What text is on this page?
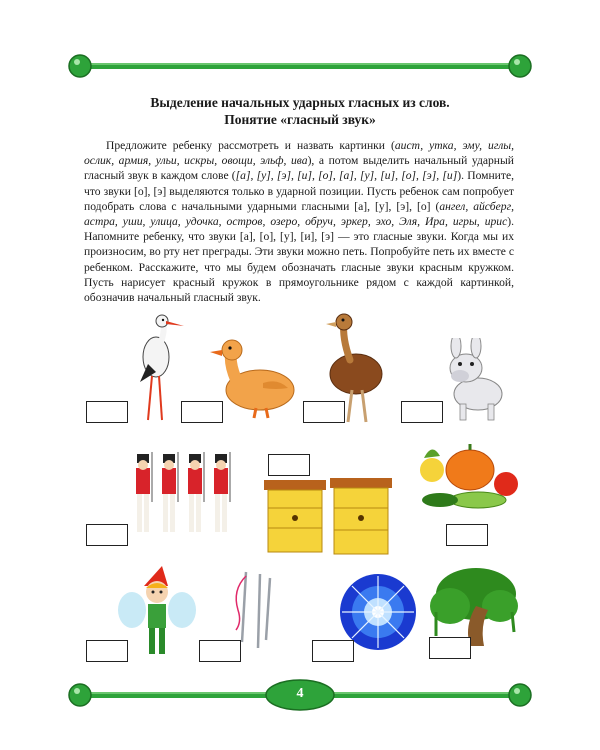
Выделение начальных ударных гласных из слов.
Понятие «гласный звук»

Предложите ребенку рассмотреть и назвать картинки (аист, утка, эму, иглы, ослик, армия, ульи, искры, овощи, эльф, ива), а потом выделить начальный ударный гласный звук в каждом слове ([а], [у], [э], [и], [о], [а], [у], [и], [о], [э], [и]). Помните, что звуки [о], [э] выделяются только в ударной позиции. Пусть ребенок сам попробует подобрать слова с начальными ударными гласными [а], [у], [э], [о] (ангел, айсберг, астра, уши, улица, удочка, остров, озеро, обруч, эркер, эхо, Эля, Ира, игры, ирис). Напомните ребенку, что звуки [а], [о], [у], [и], [э] — это гласные звуки. Когда мы их произносим, во рту нет преграды. Эти звуки можно петь. Попробуйте петь их вместе с ребенком. Расскажите, что мы будем обозначать гласные звуки красным кружком. Пусть нарисует красный кружок в прямоугольнике рядом с каждой картинкой, обозначив начальный гласный звук.

4
